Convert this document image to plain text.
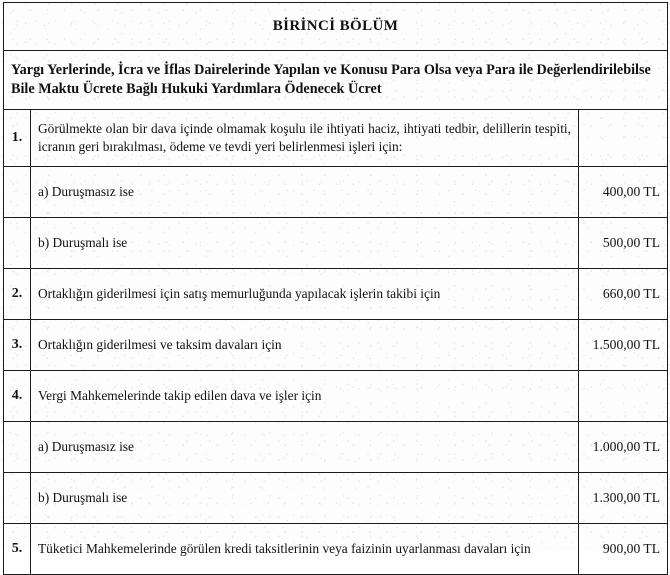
BİRİNCİ BÖLÜM		
Yargı Yerlerinde, İcra ve İflas Dairelerinde Yapılan ve Konusu Para Olsa veya Para ile Değerlendirilebilse Bile Maktu Ücrete Bağlı Hukuki Yardımlara Ödenecek Ücret		
1.	Görülmekte olan bir dava içinde olmamak koşulu ile ihtiyati haciz, ihtiyati tedbir, delillerin tespiti, icranın geri bırakılması, ödeme ve tevdi yeri belirlenmesi işleri için:	
	a) Duruşmasız ise	400,00 TL
	b) Duruşmalı ise	500,00 TL
2.	Ortaklığın giderilmesi için satış memurluğunda yapılacak işlerin takibi için	660,00 TL
3.	Ortaklığın giderilmesi ve taksim davaları için	1.500,00 TL
4.	Vergi Mahkemelerinde takip edilen dava ve işler için	
	a) Duruşmasız ise	1.000,00 TL
	b) Duruşmalı ise	1.300,00 TL
5.	Tüketici Mahkemelerinde görülen kredi taksitlerinin veya faizinin uyarlanması davaları için	900,00 TL
